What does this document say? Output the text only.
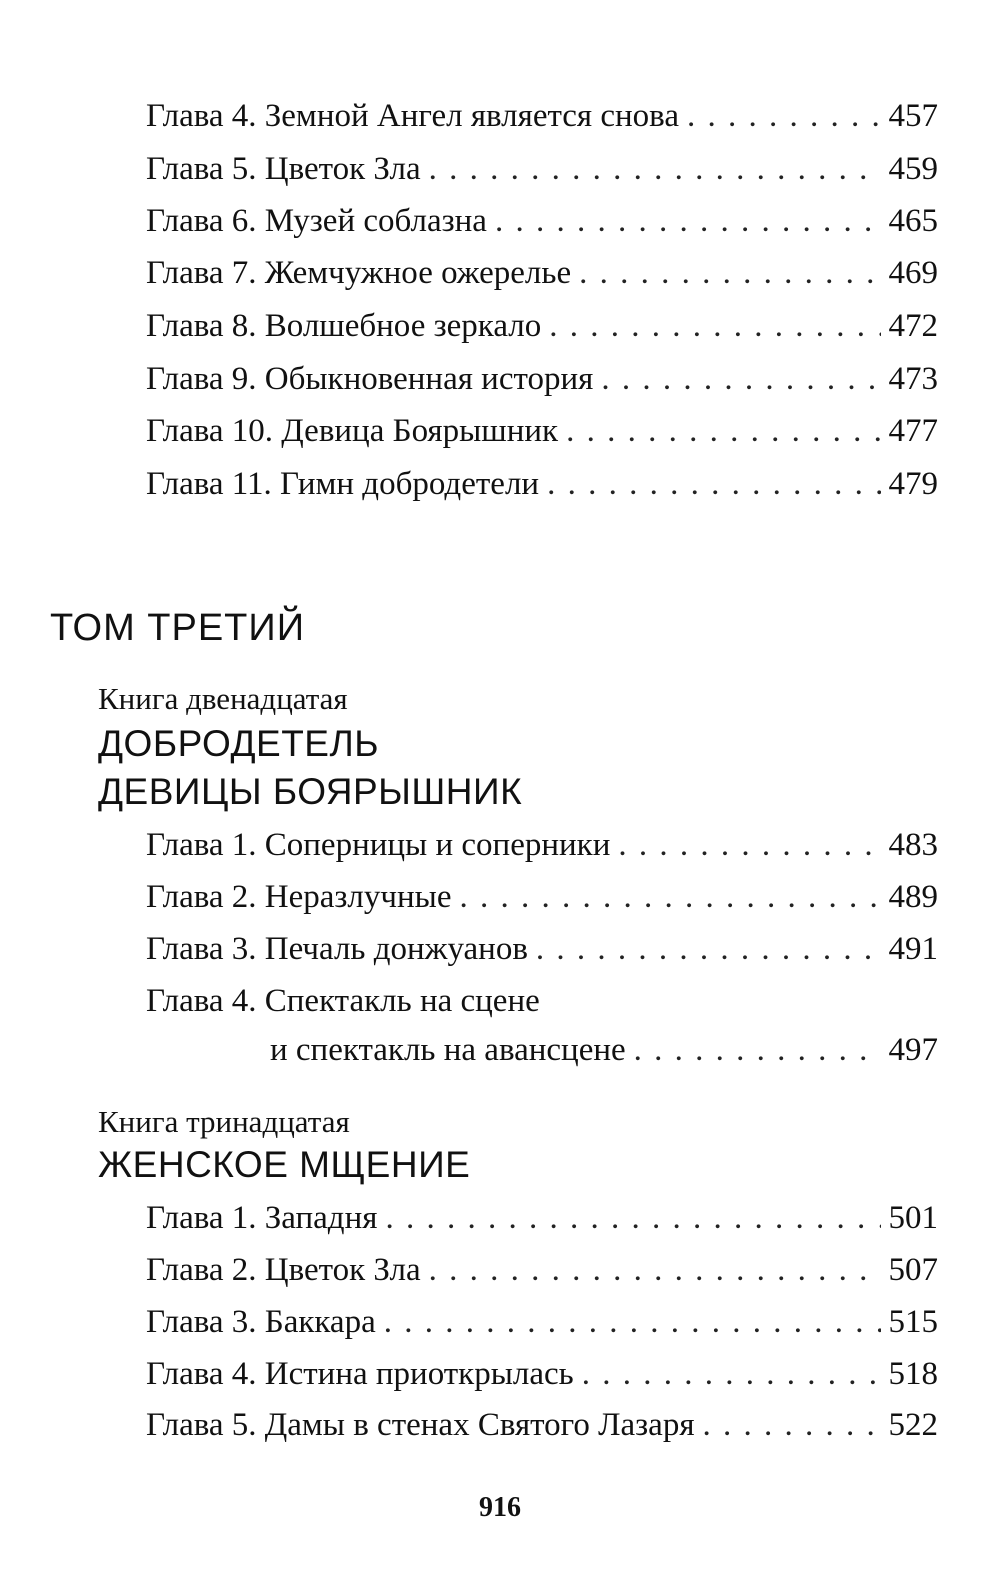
Глава 4. Земной Ангел является снова . . .	457
Глава 5. Цветок Зла . . .	459
Глава 6. Музей соблазна . . .	465
Глава 7. Жемчужное ожерелье . . .	469
Глава 8. Волшебное зеркало . . .	472
Глава 9. Обыкновенная история . . .	473
Глава 10. Девица Боярышник . . .	477
Глава 11. Гимн добродетели . . .	479
ТОМ ТРЕТИЙ
Книга двенадцатая
ДОБРОДЕТЕЛЬ
ДЕВИЦЫ БОЯРЫШНИК
Глава 1. Соперницы и соперники . . .	483
Глава 2. Неразлучные . . .	489
Глава 3. Печаль донжуанов . . .	491
Глава 4. Спектакль на сцене
и спектакль на авансцене . . .	497
Книга тринадцатая
ЖЕНСКОЕ МЩЕНИЕ
Глава 1. Западня . . .	501
Глава 2. Цветок Зла . . .	507
Глава 3. Баккара . . .	515
Глава 4. Истина приоткрылась . . .	518
Глава 5. Дамы в стенах Святого Лазаря . . .	522
916
